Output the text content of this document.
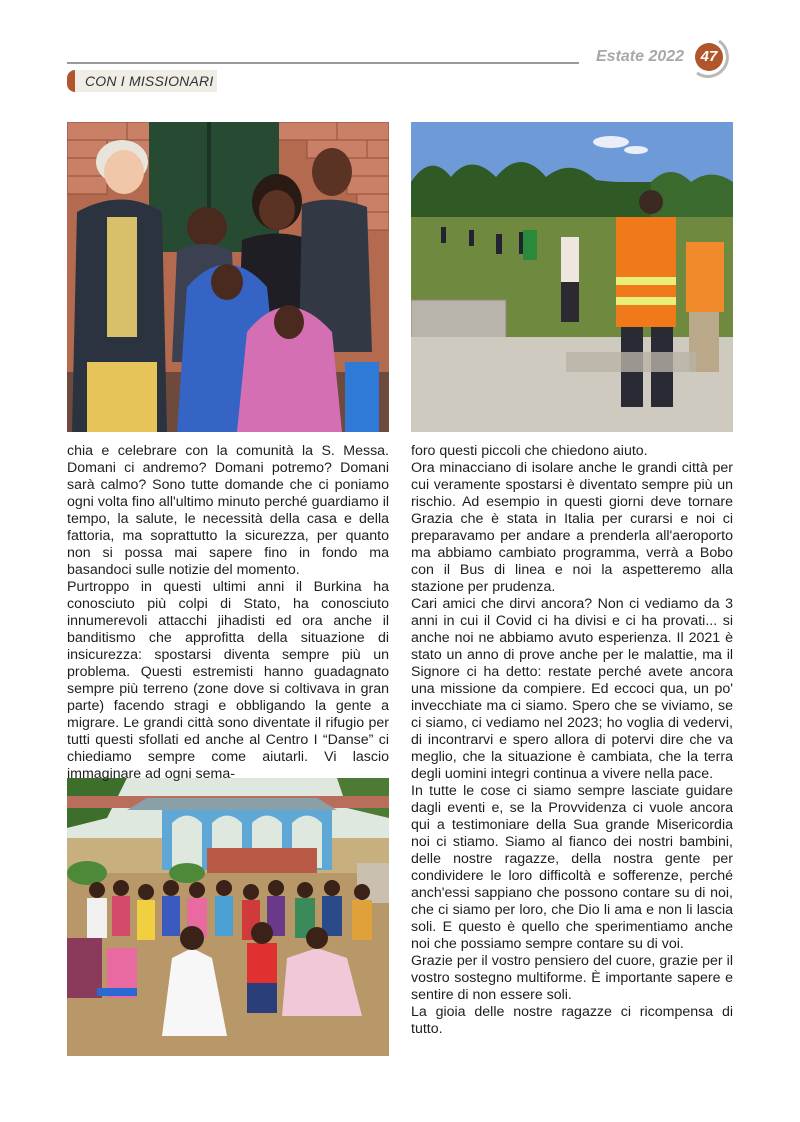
Estate 2022	47
CON I MISSIONARI

chia e celebrare con la comunità la S. Messa. Domani ci andremo? Domani potremo? Domani sarà calmo? Sono tutte domande che ci poniamo ogni volta fino all'ultimo minuto perché guardiamo il tempo, la salute, le necessità della casa e della fattoria, ma soprattutto la sicurezza, per quanto non si possa mai sapere fino in fondo ma basandoci sulle notizie del momento.

Purtroppo in questi ultimi anni il Burkina ha conosciuto più colpi di Stato, ha conosciuto innumerevoli attacchi jihadisti ed ora anche il banditismo che approfitta della situazione di insicurezza: spostarsi diventa sempre più un problema. Questi estremisti hanno guadagnato sempre più terreno (zone dove si coltivava in gran parte) facendo stragi e obbligando la gente a migrare. Le grandi città sono diventate il rifugio per tutti questi sfollati ed anche al Centro I “Danse” ci chiediamo sempre come aiutarli. Vi lascio immaginare ad ogni sema-

foro questi piccoli che chiedono aiuto.

Ora minacciano di isolare anche le grandi città per cui veramente spostarsi è diventato sempre più un rischio. Ad esempio in questi giorni deve tornare Grazia che è stata in Italia per curarsi e noi ci preparavamo per andare a prenderla all'aeroporto ma abbiamo cambiato programma, verrà a Bobo con il Bus di linea e noi la aspetteremo alla stazione per prudenza.

Cari amici che dirvi ancora? Non ci vediamo da 3 anni in cui il Covid ci ha divisi e ci ha provati... si anche noi ne abbiamo avuto esperienza. Il 2021 è stato un anno di prove anche per le malattie, ma il Signore ci ha detto: restate perché avete ancora una missione da compiere. Ed eccoci qua, un po' invecchiate ma ci siamo. Spero che se viviamo, se ci siamo, ci vediamo nel 2023; ho voglia di vedervi, di incontrarvi e spero allora di potervi dire che va meglio, che la situazione è cambiata, che la terra degli uomini integri continua a vivere nella pace.

In tutte le cose ci siamo sempre lasciate guidare dagli eventi e, se la Provvidenza ci vuole ancora qui a testimoniare della Sua grande Misericordia noi ci stiamo. Siamo al fianco dei nostri bambini, delle nostre ragazze, della nostra gente per condividere le loro difficoltà e sofferenze, perché anch'essi sappiano che possono contare su di noi, che ci siamo per loro, che Dio li ama e non li lascia soli. E questo è quello che sperimentiamo anche noi che possiamo sempre contare su di voi.

Grazie per il vostro pensiero del cuore, grazie per il vostro sostegno multiforme. È importante sapere e sentire di non essere soli.

La gioia delle nostre ragazze ci ricompensa di tutto.
